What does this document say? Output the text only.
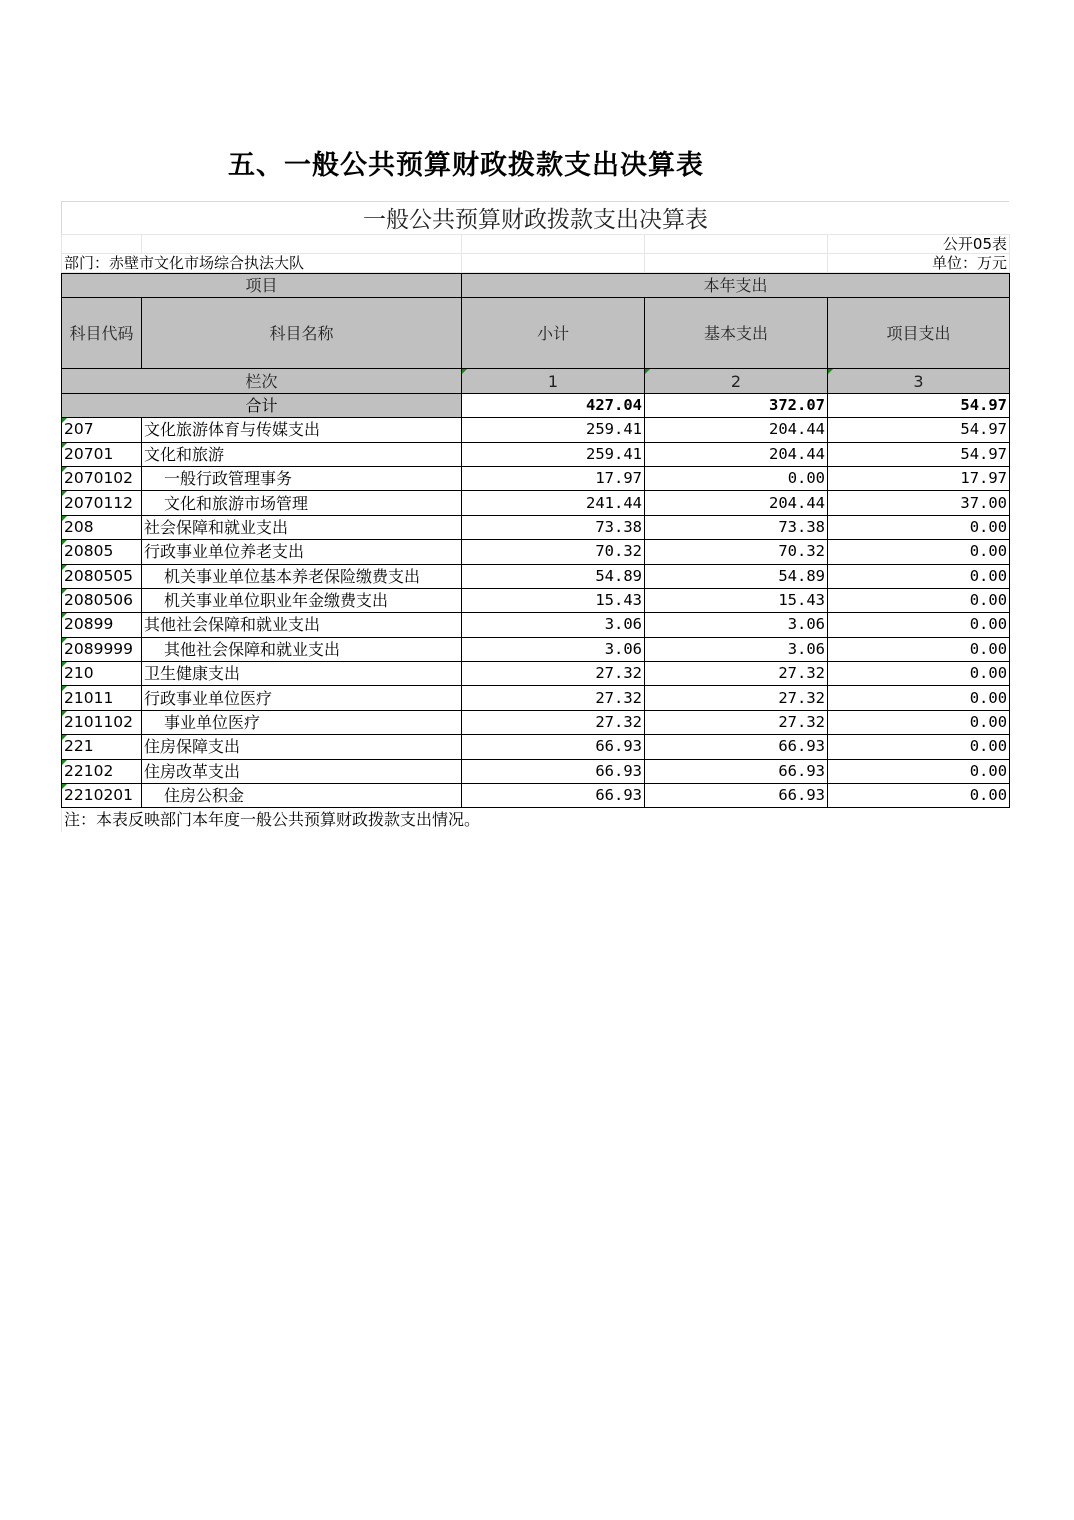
五、一般公共预算财政拨款支出决算表
一般公共预算财政拨款支出决算表
				公开05表
部门：赤壁市文化市场综合执法大队				单位：万元
项目		本年支出		
科目代码	科目名称	小计	基本支出	项目支出
栏次		1	2	3
合计		427.04	372.07	54.97
207	文化旅游体育与传媒支出	259.41	204.44	54.97
20701	文化和旅游	259.41	204.44	54.97
2070102	一般行政管理事务	17.97	0.00	17.97
2070112	文化和旅游市场管理	241.44	204.44	37.00
208	社会保障和就业支出	73.38	73.38	0.00
20805	行政事业单位养老支出	70.32	70.32	0.00
2080505	机关事业单位基本养老保险缴费支出	54.89	54.89	0.00
2080506	机关事业单位职业年金缴费支出	15.43	15.43	0.00
20899	其他社会保障和就业支出	3.06	3.06	0.00
2089999	其他社会保障和就业支出	3.06	3.06	0.00
210	卫生健康支出	27.32	27.32	0.00
21011	行政事业单位医疗	27.32	27.32	0.00
2101102	事业单位医疗	27.32	27.32	0.00
221	住房保障支出	66.93	66.93	0.00
22102	住房改革支出	66.93	66.93	0.00
2210201	住房公积金	66.93	66.93	0.00
注：本表反映部门本年度一般公共预算财政拨款支出情况。
